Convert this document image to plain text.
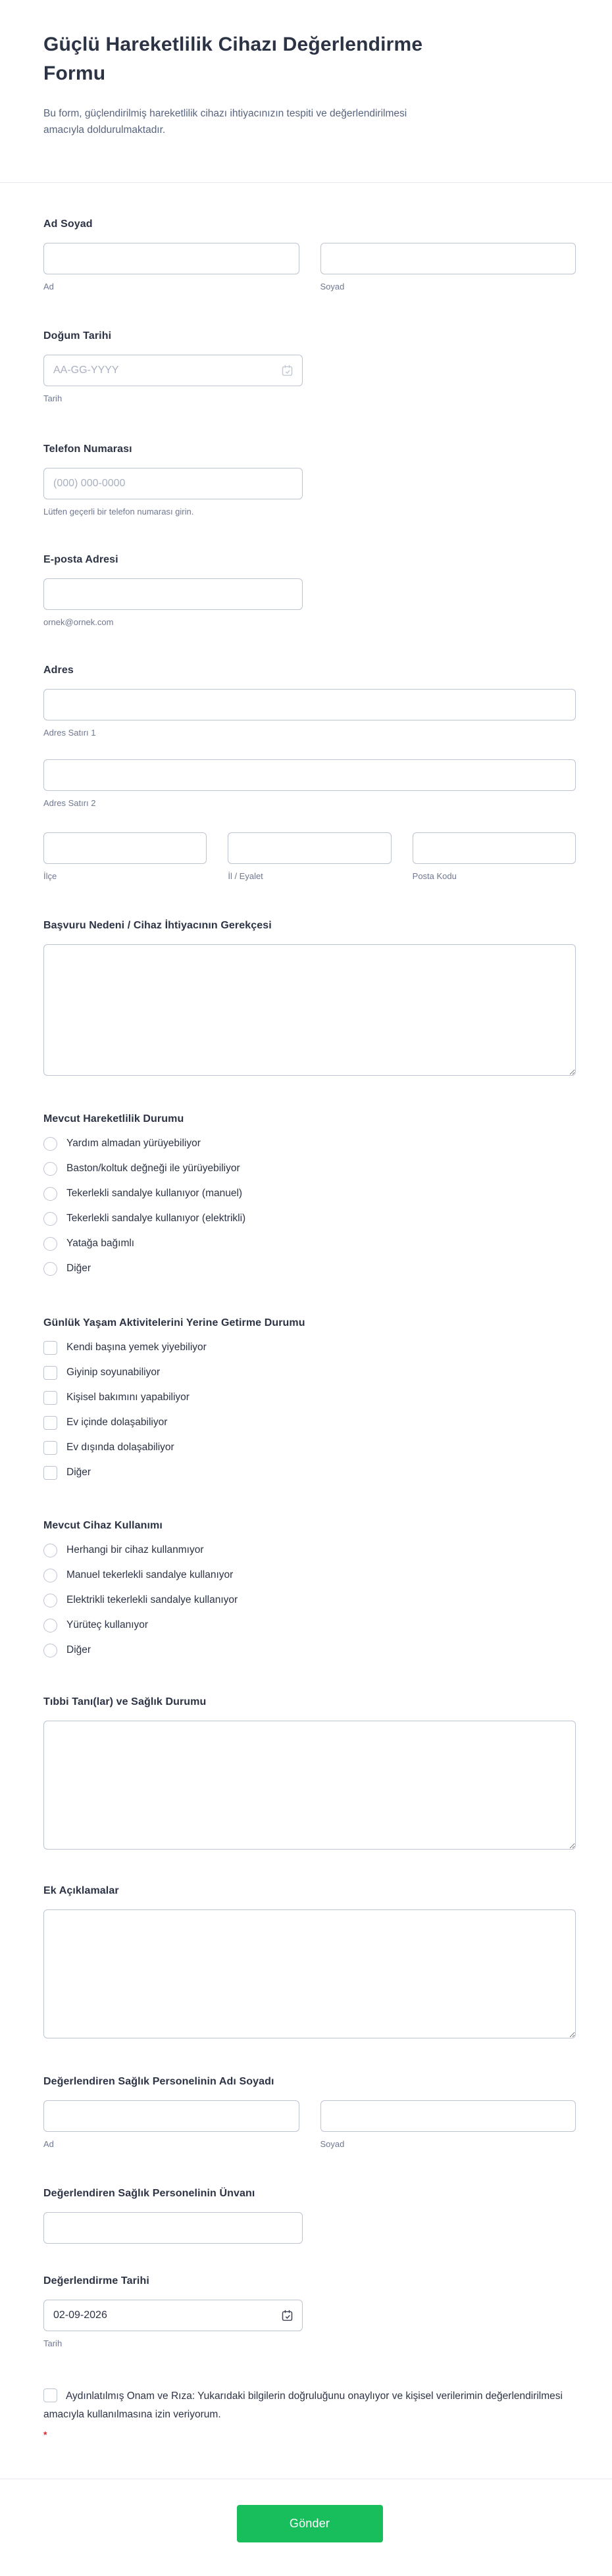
Güçlü Hareketlilik Cihazı Değerlendirme Formu
Bu form, güçlendirilmiş hareketlilik cihazı ihtiyacınızın tespiti ve değerlendirilmesi amacıyla doldurulmaktadır.
Ad Soyad
Ad	Soyad
Doğum Tarihi
AA-GG-YYYY
Tarih
Telefon Numarası
(000) 000-0000
Lütfen geçerli bir telefon numarası girin.
E-posta Adresi
ornek@ornek.com
Adres
Adres Satırı 1
Adres Satırı 2
İlçe	İl / Eyalet	Posta Kodu
Başvuru Nedeni / Cihaz İhtiyacının Gerekçesi
Mevcut Hareketlilik Durumu
Yardım almadan yürüyebiliyor
Baston/koltuk değneği ile yürüyebiliyor
Tekerlekli sandalye kullanıyor (manuel)
Tekerlekli sandalye kullanıyor (elektrikli)
Yatağa bağımlı
Diğer
Günlük Yaşam Aktivitelerini Yerine Getirme Durumu
Kendi başına yemek yiyebiliyor
Giyinip soyunabiliyor
Kişisel bakımını yapabiliyor
Ev içinde dolaşabiliyor
Ev dışında dolaşabiliyor
Diğer
Mevcut Cihaz Kullanımı
Herhangi bir cihaz kullanmıyor
Manuel tekerlekli sandalye kullanıyor
Elektrikli tekerlekli sandalye kullanıyor
Yürüteç kullanıyor
Diğer
Tıbbi Tanı(lar) ve Sağlık Durumu
Ek Açıklamalar
Değerlendiren Sağlık Personelinin Adı Soyadı
Ad	Soyad
Değerlendiren Sağlık Personelinin Ünvanı
Değerlendirme Tarihi
02-09-2026
Tarih
Aydınlatılmış Onam ve Rıza: Yukarıdaki bilgilerin doğruluğunu onaylıyor ve kişisel verilerimin değerlendirilmesi amacıyla kullanılmasına izin veriyorum.
*
Gönder
